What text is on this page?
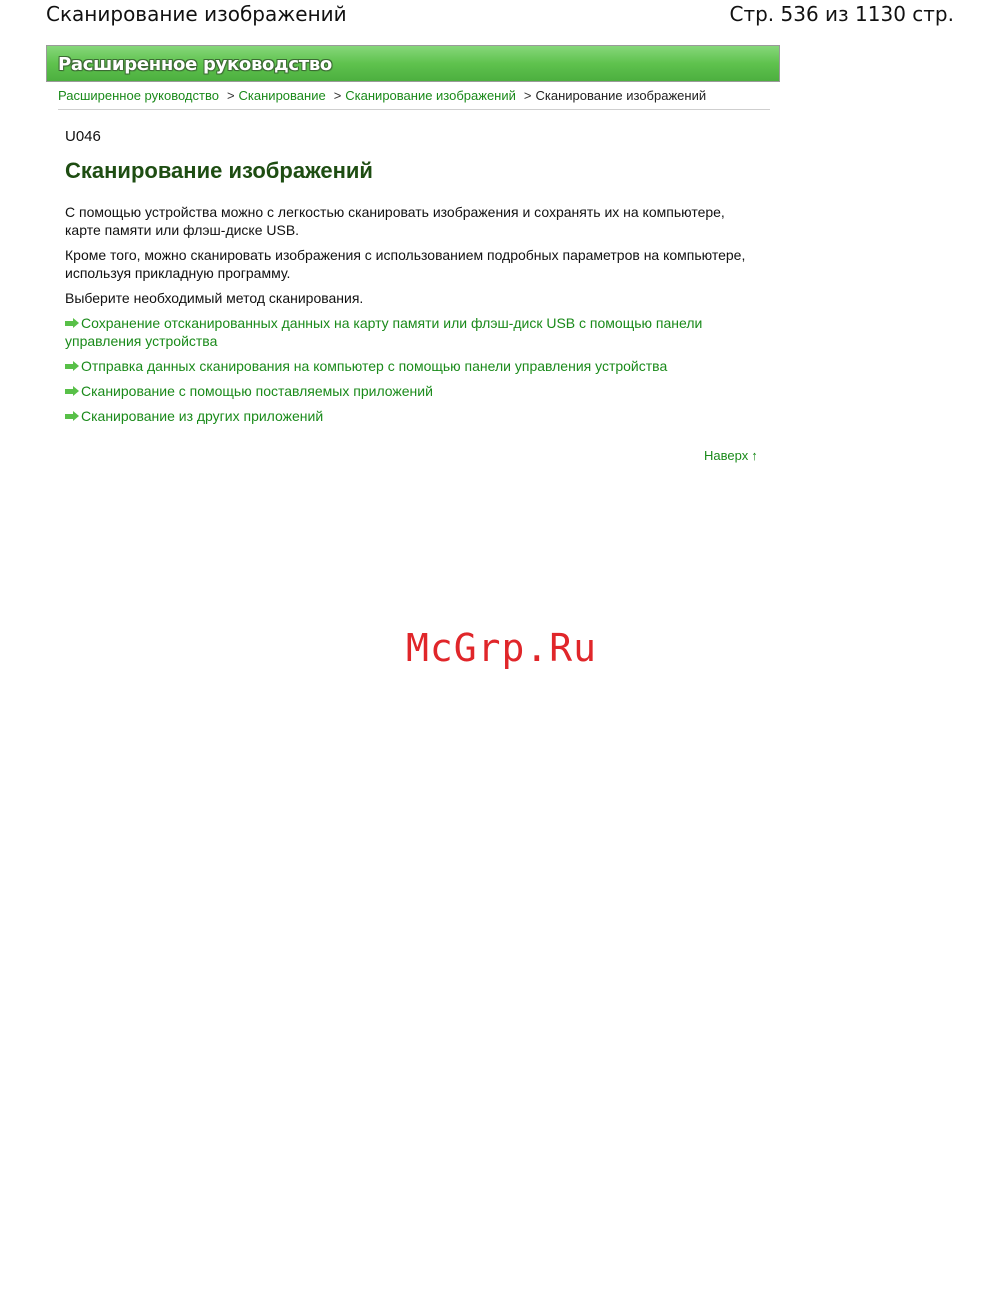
Сканирование изображений	Стр. 536 из 1130 стр.
Расширенное руководство
Расширенное руководство > Сканирование > Сканирование изображений > Сканирование изображений
U046
Сканирование изображений

С помощью устройства можно с легкостью сканировать изображения и сохранять их на компьютере, карте памяти или флэш-диске USB.

Кроме того, можно сканировать изображения с использованием подробных параметров на компьютере, используя прикладную программу.

Выберите необходимый метод сканирования.

Сохранение отсканированных данных на карту памяти или флэш-диск USB с помощью панели управления устройства
Отправка данных сканирования на компьютер с помощью панели управления устройства
Сканирование с помощью поставляемых приложений
Сканирование из других приложений
Наверх ↑
McGrp.Ru
